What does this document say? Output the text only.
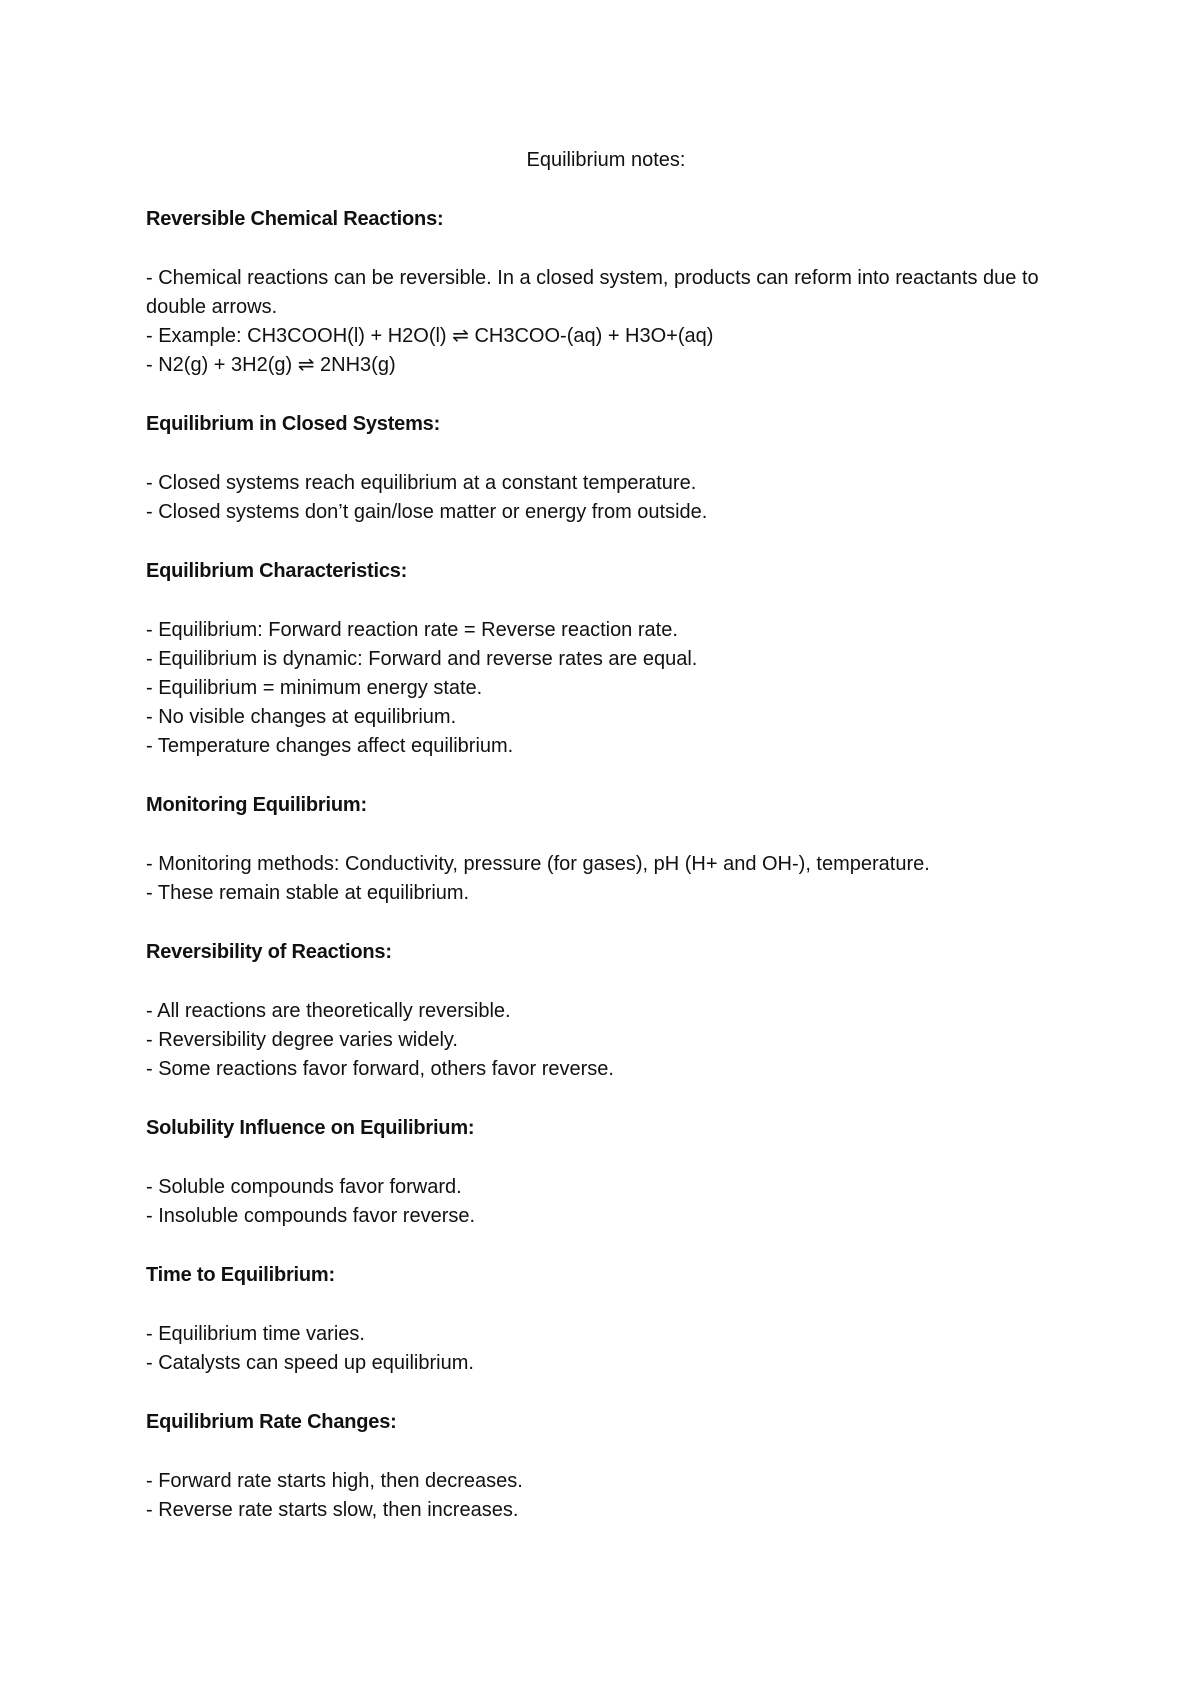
Equilibrium notes:
Reversible Chemical Reactions:
- Chemical reactions can be reversible. In a closed system, products can reform into reactants due to double arrows.
- Example: CH3COOH(l) + H2O(l) ⇌ CH3COO-(aq) + H3O+(aq)
- N2(g) + 3H2(g) ⇌ 2NH3(g)
Equilibrium in Closed Systems:
- Closed systems reach equilibrium at a constant temperature.
- Closed systems don’t gain/lose matter or energy from outside.
Equilibrium Characteristics:
- Equilibrium: Forward reaction rate = Reverse reaction rate.
- Equilibrium is dynamic: Forward and reverse rates are equal.
- Equilibrium = minimum energy state.
- No visible changes at equilibrium.
- Temperature changes affect equilibrium.
Monitoring Equilibrium:
- Monitoring methods: Conductivity, pressure (for gases), pH (H+ and OH-), temperature.
- These remain stable at equilibrium.
Reversibility of Reactions:
- All reactions are theoretically reversible.
- Reversibility degree varies widely.
- Some reactions favor forward, others favor reverse.
Solubility Influence on Equilibrium:
- Soluble compounds favor forward.
- Insoluble compounds favor reverse.
Time to Equilibrium:
- Equilibrium time varies.
- Catalysts can speed up equilibrium.
Equilibrium Rate Changes:
- Forward rate starts high, then decreases.
- Reverse rate starts slow, then increases.
